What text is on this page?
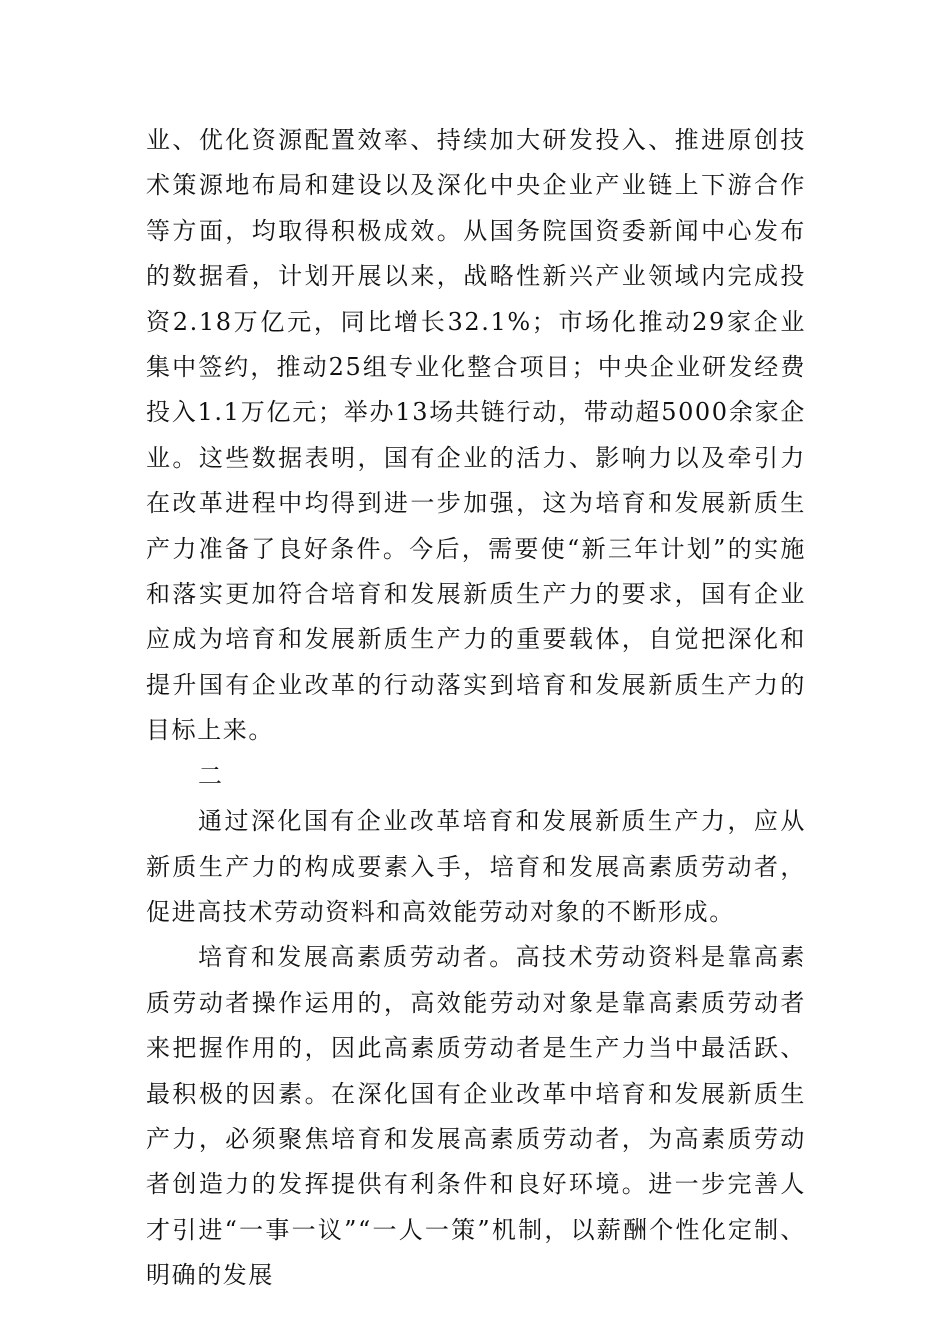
业、优化资源配置效率、持续加大研发投入、推进原创技术策源地布局和建设以及深化中央企业产业链上下游合作等方面，均取得积极成效。从国务院国资委新闻中心发布的数据看，计划开展以来，战略性新兴产业领域内完成投资2.18万亿元，同比增长32.1%；市场化推动29家企业集中签约，推动25组专业化整合项目；中央企业研发经费投入1.1万亿元；举办13场共链行动，带动超5000余家企业。这些数据表明，国有企业的活力、影响力以及牵引力在改革进程中均得到进一步加强，这为培育和发展新质生产力准备了良好条件。今后，需要使“新三年计划”的实施和落实更加符合培育和发展新质生产力的要求，国有企业应成为培育和发展新质生产力的重要载体，自觉把深化和提升国有企业改革的行动落实到培育和发展新质生产力的目标上来。

二

通过深化国有企业改革培育和发展新质生产力，应从新质生产力的构成要素入手，培育和发展高素质劳动者，促进高技术劳动资料和高效能劳动对象的不断形成。

培育和发展高素质劳动者。高技术劳动资料是靠高素质劳动者操作运用的，高效能劳动对象是靠高素质劳动者来把握作用的，因此高素质劳动者是生产力当中最活跃、最积极的因素。在深化国有企业改革中培育和发展新质生产力，必须聚焦培育和发展高素质劳动者，为高素质劳动者创造力的发挥提供有利条件和良好环境。进一步完善人才引进“一事一议”“一人一策”机制，以薪酬个性化定制、明确的发展
